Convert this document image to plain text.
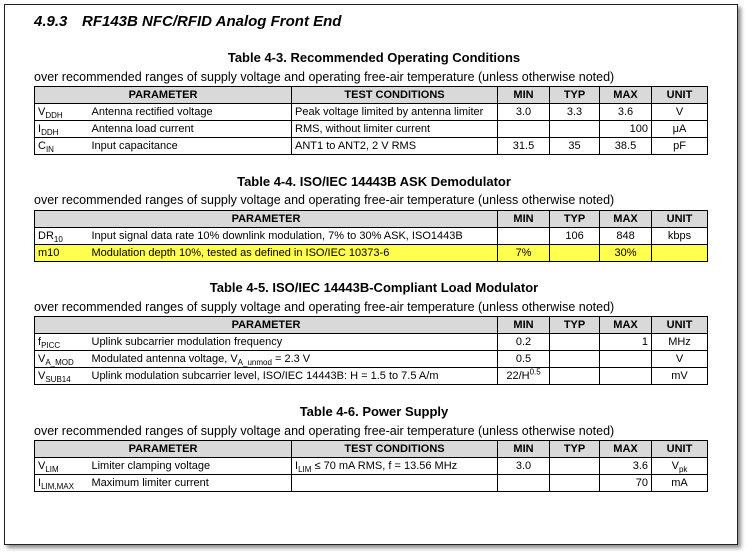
4.9.3 RF143B NFC/RFID Analog Front End
Table 4-3. Recommended Operating Conditions
over recommended ranges of supply voltage and operating free-air temperature (unless otherwise noted)
PARAMETER		TEST CONDITIONS	MIN	TYP	MAX	UNIT
$V_{DDH}$	Antenna rectified voltage	Peak voltage limited by antenna limiter	3.0	3.3	3.6	V
$I_{DDH}$	Antenna load current	RMS, without limiter current			100	μA
$C_{IN}$	Input capacitance	ANT1 to ANT2, 2 V RMS	31.5	35	38.5	pF
Table 4-4. ISO/IEC 14443B ASK Demodulator
over recommended ranges of supply voltage and operating free-air temperature (unless otherwise noted)
PARAMETER		MIN	TYP	MAX	UNIT
$DR_{10}$	Input signal data rate 10% downlink modulation, 7% to 30% ASK, ISO1443B		106	848	kbps
m10	Modulation depth 10%, tested as defined in ISO/IEC 10373-6	7%		30%	
Table 4-5. ISO/IEC 14443B-Compliant Load Modulator
over recommended ranges of supply voltage and operating free-air temperature (unless otherwise noted)
PARAMETER		MIN	TYP	MAX	UNIT
$f_{PICC}$	Uplink subcarrier modulation frequency	0.2		1	MHz
$V_{A\_MOD}$	Modulated antenna voltage, $V_{A\_unmod} = 2.3$ V	0.5			V
$V_{SUB14}$	Uplink modulation subcarrier level, ISO/IEC 14443B: H = 1.5 to 7.5 A/m	$22/H^{0.5}$			mV
Table 4-6. Power Supply
over recommended ranges of supply voltage and operating free-air temperature (unless otherwise noted)
PARAMETER		TEST CONDITIONS	MIN	TYP	MAX	UNIT
$V_{LIM}$	Limiter clamping voltage	$I_{LIM} \le 70$ mA RMS, f = 13.56 MHz	3.0		3.6	$V_{pk}$
$I_{LIM,MAX}$	Maximum limiter current				70	mA
